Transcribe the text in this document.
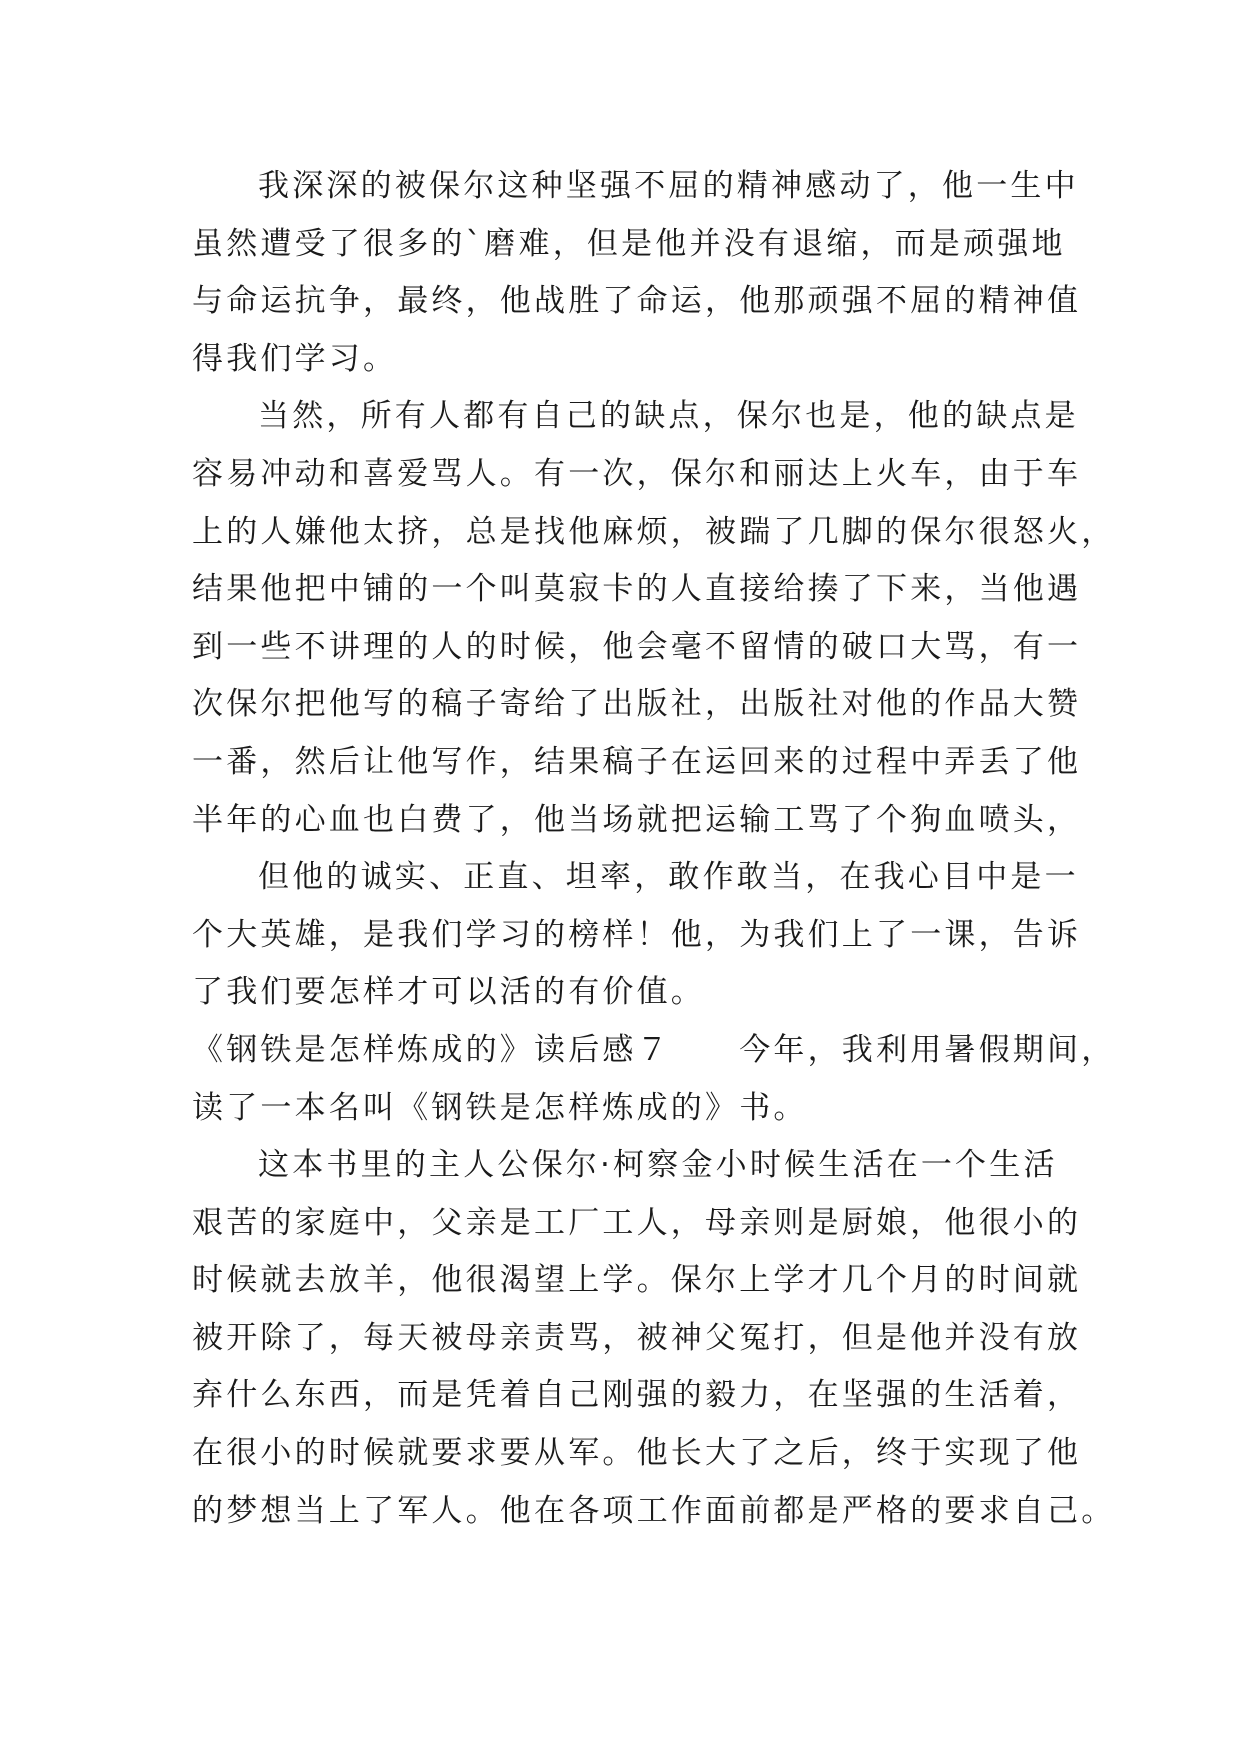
我深深的被保尔这种坚强不屈的精神感动了，他一生中
虽然遭受了很多的`磨难，但是他并没有退缩，而是顽强地
与命运抗争，最终，他战胜了命运，他那顽强不屈的精神值
得我们学习。
当然，所有人都有自己的缺点，保尔也是，他的缺点是
容易冲动和喜爱骂人。有一次，保尔和丽达上火车，由于车
上的人嫌他太挤，总是找他麻烦，被踹了几脚的保尔很怒火，
结果他把中铺的一个叫莫寂卡的人直接给揍了下来，当他遇
到一些不讲理的人的时候，他会毫不留情的破口大骂，有一
次保尔把他写的稿子寄给了出版社，出版社对他的作品大赞
一番，然后让他写作，结果稿子在运回来的过程中弄丢了他
半年的心血也白费了，他当场就把运输工骂了个狗血喷头，
但他的诚实、正直、坦率，敢作敢当，在我心目中是一
个大英雄，是我们学习的榜样！他，为我们上了一课，告诉
了我们要怎样才可以活的有价值。
《钢铁是怎样炼成的》读后感７　　今年，我利用暑假期间，
读了一本名叫《钢铁是怎样炼成的》书。
这本书里的主人公保尔·柯察金小时候生活在一个生活
艰苦的家庭中，父亲是工厂工人，母亲则是厨娘，他很小的
时候就去放羊，他很渴望上学。保尔上学才几个月的时间就
被开除了，每天被母亲责骂，被神父冤打，但是他并没有放
弃什么东西，而是凭着自己刚强的毅力，在坚强的生活着，
在很小的时候就要求要从军。他长大了之后，终于实现了他
的梦想当上了军人。他在各项工作面前都是严格的要求自己。
